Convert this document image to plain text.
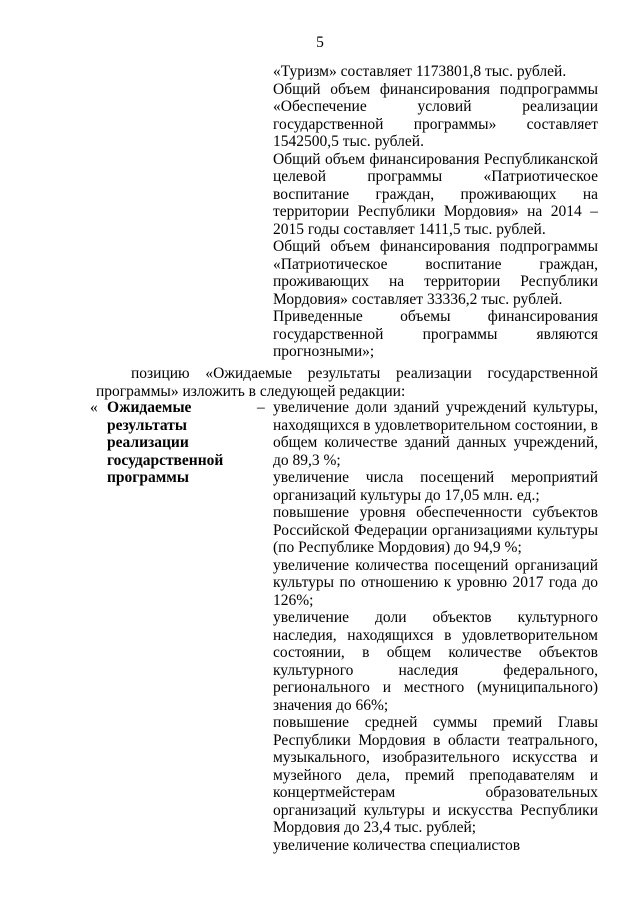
5

«Туризм» составляет 1173801,8 тыс. рублей.

Общий объем финансирования подпрограммы «Обеспечение условий реализации государственной программы» составляет 1542500,5 тыс. рублей.

Общий объем финансирования Республиканской целевой программы «Патриотическое воспитание граждан, проживающих на территории Республики Мордовия» на 2014 – 2015 годы составляет 1411,5 тыс. рублей.

Общий объем финансирования подпрограммы «Патриотическое воспитание граждан, проживающих на территории Республики Мордовия» составляет 33336,2 тыс. рублей.

Приведенные объемы финансирования государственной программы являются прогнозными»;

позицию «Ожидаемые результаты реализации государственной программы» изложить в следующей редакции:

« Ожидаемые
результаты
реализации
государственной
программы
– увеличение доли зданий учреждений культуры, находящихся в удовлетворительном состоянии, в общем количестве зданий данных учреждений, до 89,3 %;

увеличение числа посещений мероприятий организаций культуры до 17,05 млн. ед.;

повышение уровня обеспеченности субъектов Российской Федерации организациями культуры (по Республике Мордовия) до 94,9 %;

увеличение количества посещений организаций культуры по отношению к уровню 2017 года до 126%;

увеличение доли объектов культурного наследия, находящихся в удовлетворительном состоянии, в общем количестве объектов культурного наследия федерального, регионального и местного (муниципального) значения до 66%;

повышение средней суммы премий Главы Республики Мордовия в области театрального, музыкального, изобразительного искусства и музейного дела, премий преподавателям и концертмейстерам образовательных организаций культуры и искусства Республики Мордовия до 23,4 тыс. рублей;

увеличение количества специалистов
